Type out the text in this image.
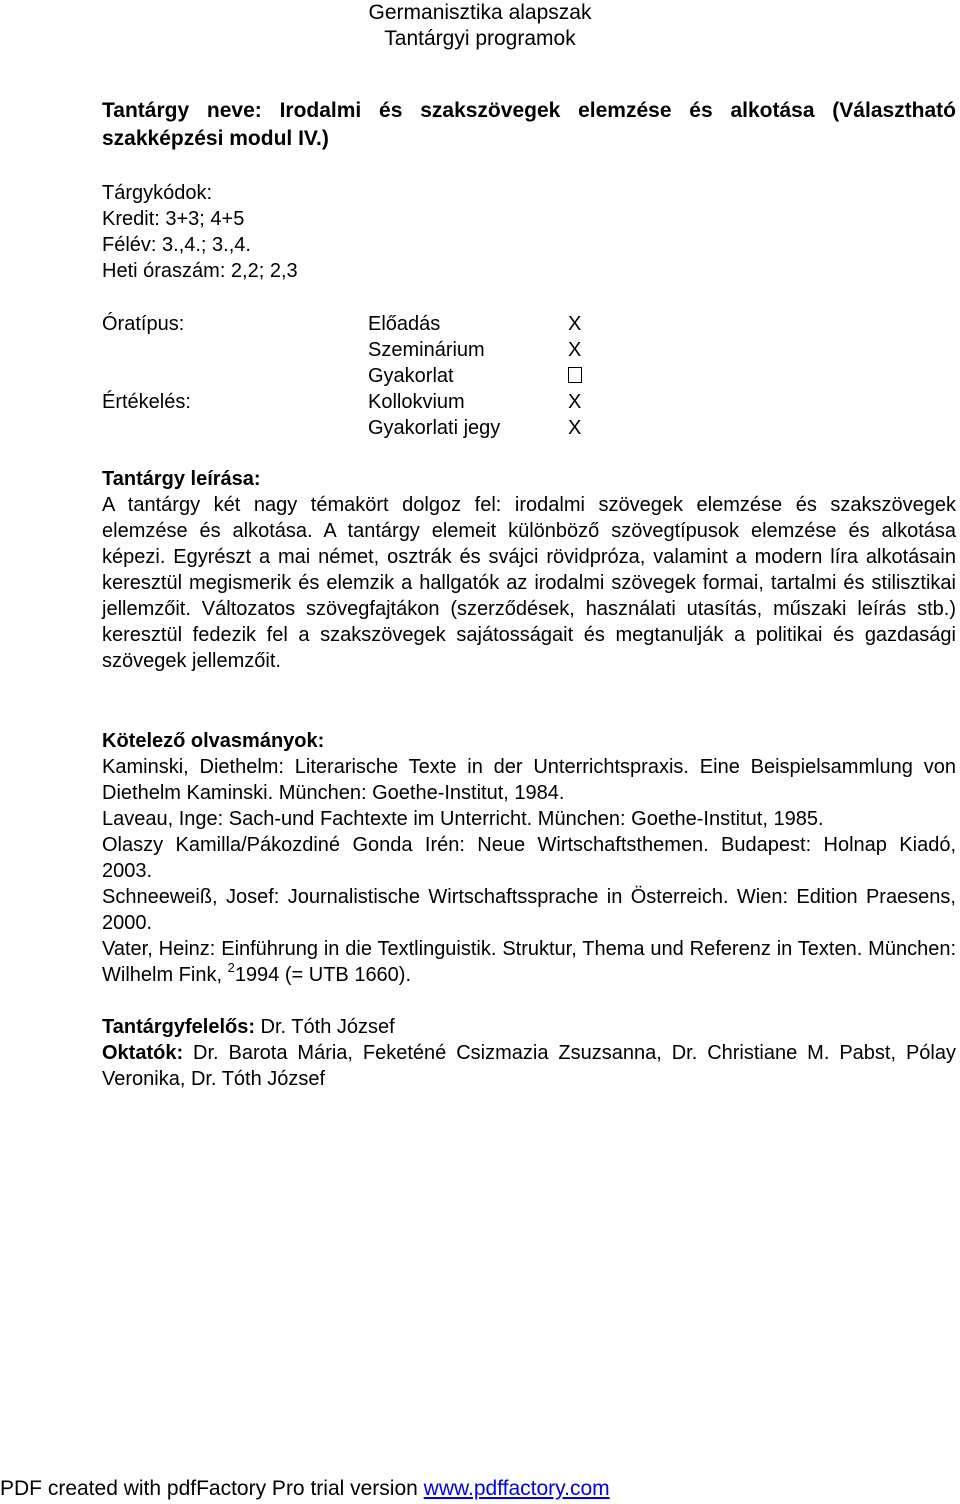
Germanisztika alapszak
Tantárgyi programok
Tantárgy neve: Irodalmi és szakszövegek elemzése és alkotása (Választható szakképzési modul IV.)
Tárgykódok:
Kredit: 3+3; 4+5
Félév: 3.,4.; 3.,4.
Heti óraszám: 2,2; 2,3
Óratípus:	Előadás	X
Szeminárium	X
Gyakorlat
Értékelés:	Kollokvium	X
Gyakorlati jegy	X
Tantárgy leírása:

A tantárgy két nagy témakört dolgoz fel: irodalmi szövegek elemzése és szakszövegek elemzése és alkotása. A tantárgy elemeit különböző szövegtípusok elemzése és alkotása képezi. Egyrészt a mai német, osztrák és svájci rövidpróza, valamint a modern líra alkotásain keresztül megismerik és elemzik a hallgatók az irodalmi szövegek formai, tartalmi és stilisztikai jellemzőit. Változatos szövegfajtákon (szerződések, használati utasítás, műszaki leírás stb.) keresztül fedezik fel a szakszövegek sajátosságait és megtanulják a politikai és gazdasági szövegek jellemzőit.

Kötelező olvasmányok:

Kaminski, Diethelm: Literarische Texte in der Unterrichtspraxis. Eine Beispielsammlung von Diethelm Kaminski. München: Goethe-Institut, 1984.

Laveau, Inge: Sach-und Fachtexte im Unterricht. München: Goethe-Institut, 1985.

Olaszy Kamilla/Pákozdiné Gonda Irén: Neue Wirtschaftsthemen. Budapest: Holnap Kiadó, 2003.

Schneeweiß, Josef: Journalistische Wirtschaftssprache in Österreich. Wien: Edition Praesens, 2000.

Vater, Heinz: Einführung in die Textlinguistik. Struktur, Thema und Referenz in Texten. München: Wilhelm Fink, $^2$1994 (= UTB 1660).

Tantárgyfelelős: Dr. Tóth József

Oktatók: Dr. Barota Mária, Feketéné Csizmazia Zsuzsanna, Dr. Christiane M. Pabst, Pólay Veronika, Dr. Tóth József

PDF created with pdfFactory Pro trial version www.pdffactory.com
